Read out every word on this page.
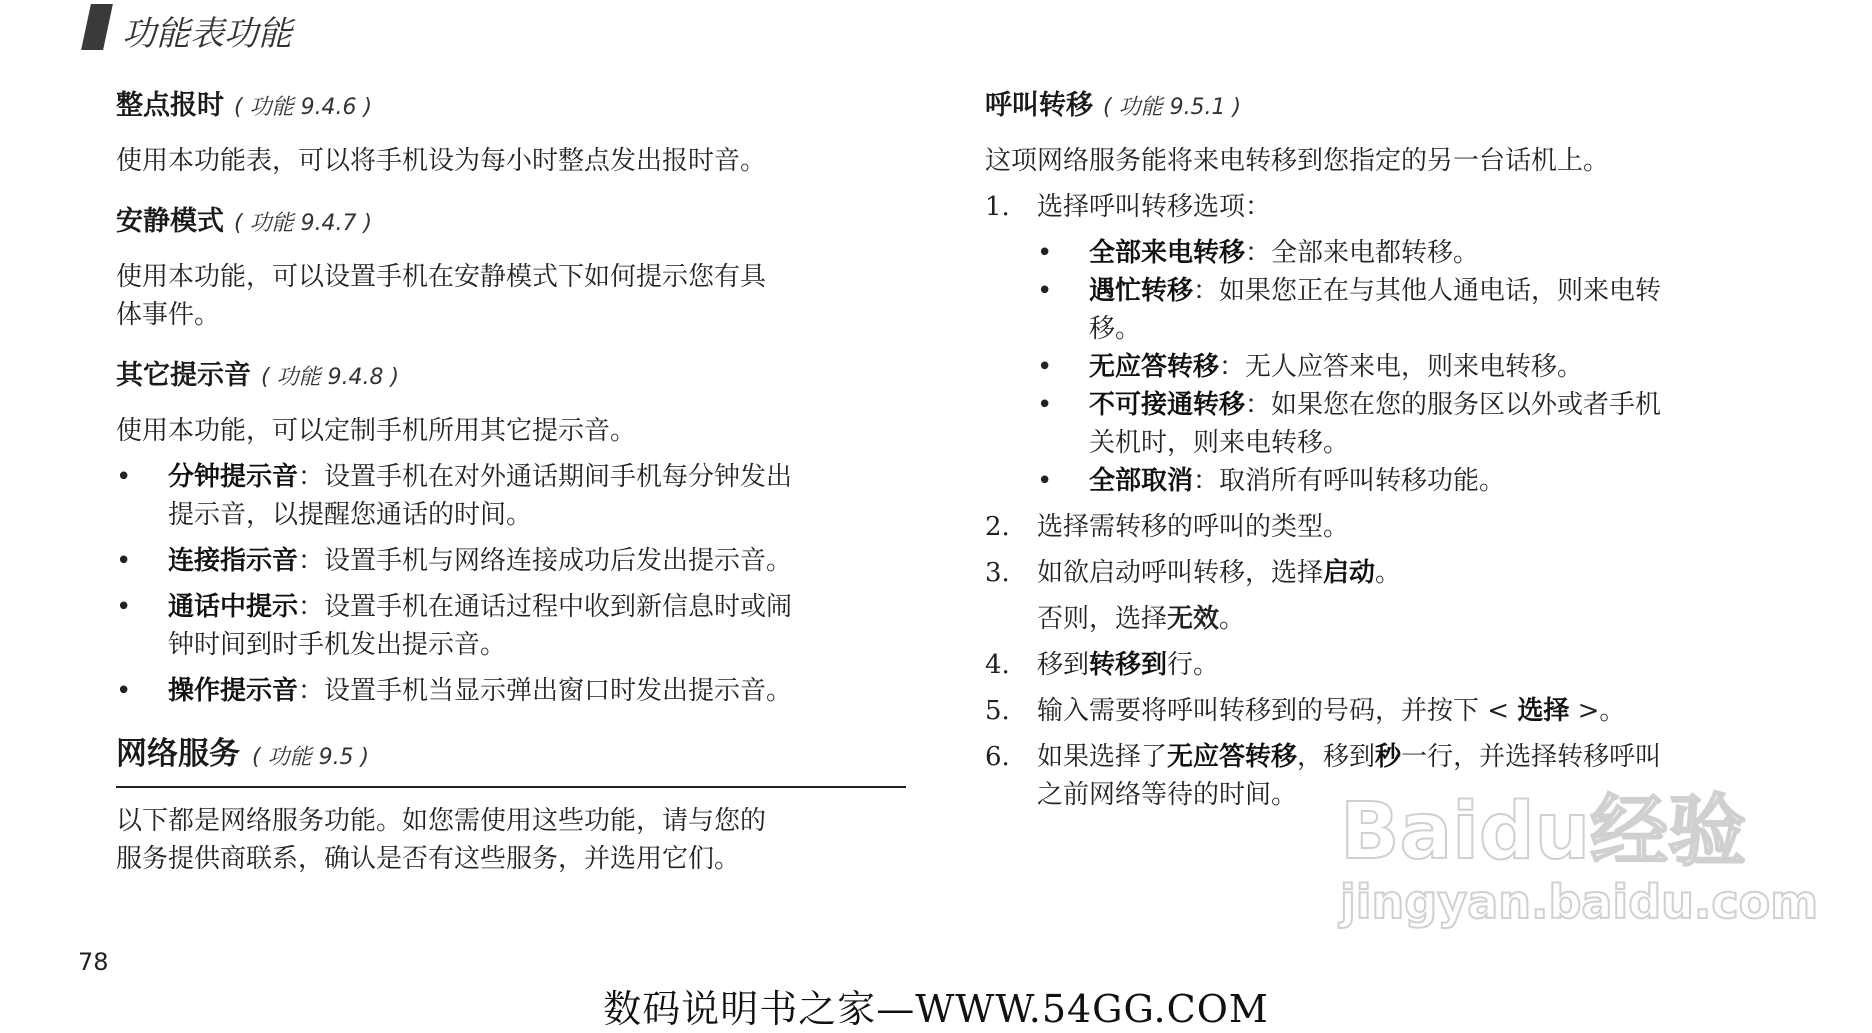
功能表功能
整点报时 ( 功能 9.4.6 )

使用本功能表，可以将手机设为每小时整点发出报时音。

安静模式 ( 功能 9.4.7 )

使用本功能，可以设置手机在安静模式下如何提示您有具
体事件。

其它提示音 ( 功能 9.4.8 )

使用本功能，可以定制手机所用其它提示音。

• 分钟提示音：设置手机在对外通话期间手机每分钟发出
提示音，以提醒您通话的时间。
• 连接指示音：设置手机与网络连接成功后发出提示音。
• 通话中提示：设置手机在通话过程中收到新信息时或闹
钟时间到时手机发出提示音。
• 操作提示音：设置手机当显示弹出窗口时发出提示音。
网络服务 ( 功能 9.5 )

以下都是网络服务功能。如您需使用这些功能，请与您的
服务提供商联系，确认是否有这些服务，并选用它们。

呼叫转移 ( 功能 9.5.1 )

这项网络服务能将来电转移到您指定的另一台话机上。

1. 选择呼叫转移选项：
• 全部来电转移：全部来电都转移。
• 遇忙转移：如果您正在与其他人通电话，则来电转
移。
• 无应答转移：无人应答来电，则来电转移。
• 不可接通转移：如果您在您的服务区以外或者手机
关机时，则来电转移。
• 全部取消：取消所有呼叫转移功能。
2. 选择需转移的呼叫的类型。
3. 如欲启动呼叫转移，选择启动。
否则，选择无效。
4. 移到转移到行。
5. 输入需要将呼叫转移到的号码，并按下 < 选择 >。
6. 如果选择了无应答转移，移到秒一行，并选择转移呼叫
之前网络等待的时间。 Baidu经验
jingyan.baidu.com
78
数码说明书之家—WWW.54GG.COM
